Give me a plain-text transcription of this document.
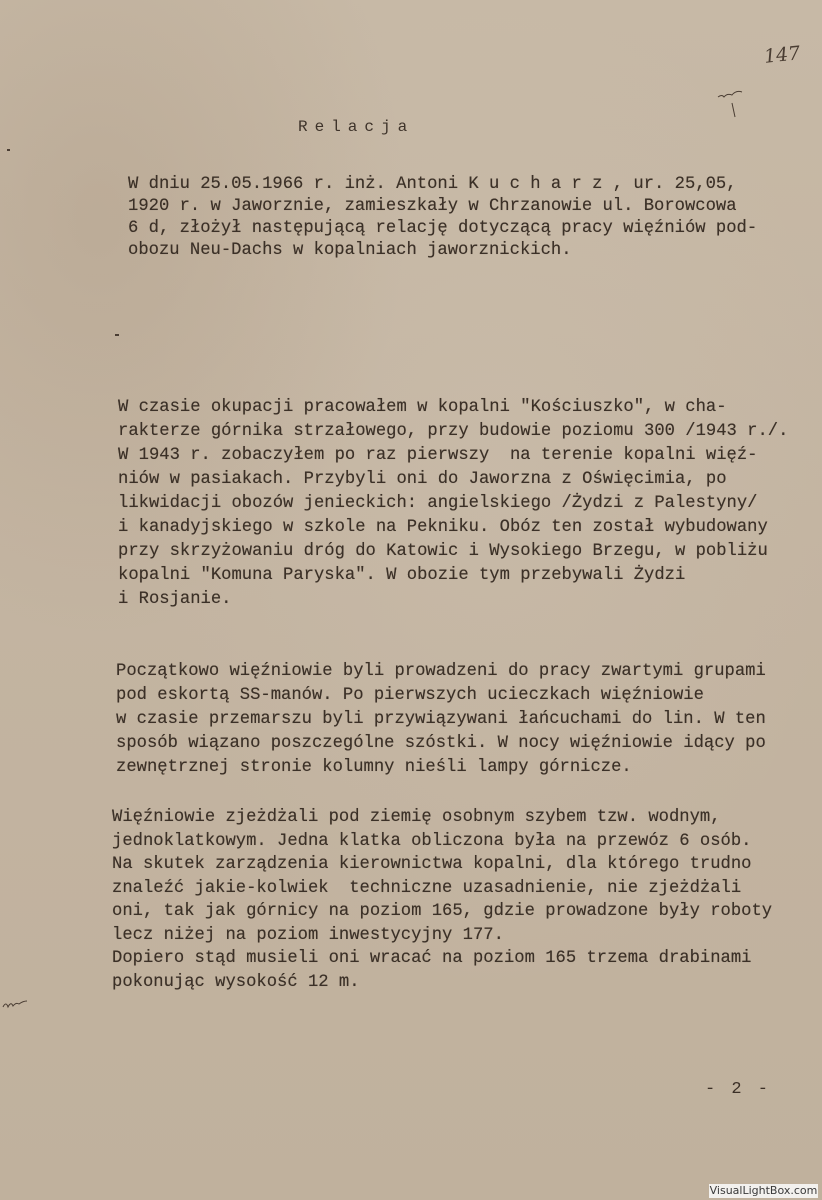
147
Relacja
W dniu 25.05.1966 r. inż. Antoni K u c h a r z , ur. 25,05,
1920 r. w Jaworznie, zamieszkały w Chrzanowie ul. Borowcowa
6 d, złożył następującą relację dotyczącą pracy więźniów pod-
obozu Neu-Dachs w kopalniach jaworznickich.
W czasie okupacji pracowałem w kopalni "Kościuszko", w cha-
rakterze górnika strzałowego, przy budowie poziomu 300 /1943 r./.
W 1943 r. zobaczyłem po raz pierwszy  na terenie kopalni więź-
niów w pasiakach. Przybyli oni do Jaworzna z Oświęcimia, po
likwidacji obozów jenieckich: angielskiego /Żydzi z Palestyny/
i kanadyjskiego w szkole na Pekniku. Obóz ten został wybudowany
przy skrzyżowaniu dróg do Katowic i Wysokiego Brzegu, w pobliżu
kopalni "Komuna Paryska". W obozie tym przebywali Żydzi
i Rosjanie.
Początkowo więźniowie byli prowadzeni do pracy zwartymi grupami
pod eskortą SS-manów. Po pierwszych ucieczkach więźniowie
w czasie przemarszu byli przywiązywani łańcuchami do lin. W ten
sposób wiązano poszczególne szóstki. W nocy więźniowie idący po
zewnętrznej stronie kolumny nieśli lampy górnicze.
Więźniowie zjeżdżali pod ziemię osobnym szybem tzw. wodnym,
jednoklatkowym. Jedna klatka obliczona była na przewóz 6 osób.
Na skutek zarządzenia kierownictwa kopalni, dla którego trudno
znaleźć jakie-kolwiek  techniczne uzasadnienie, nie zjeżdżali
oni, tak jak górnicy na poziom 165, gdzie prowadzone były roboty
lecz niżej na poziom inwestycyjny 177.
Dopiero stąd musieli oni wracać na poziom 165 trzema drabinami
pokonując wysokość 12 m.
- 2 -
VisualLightBox.com
